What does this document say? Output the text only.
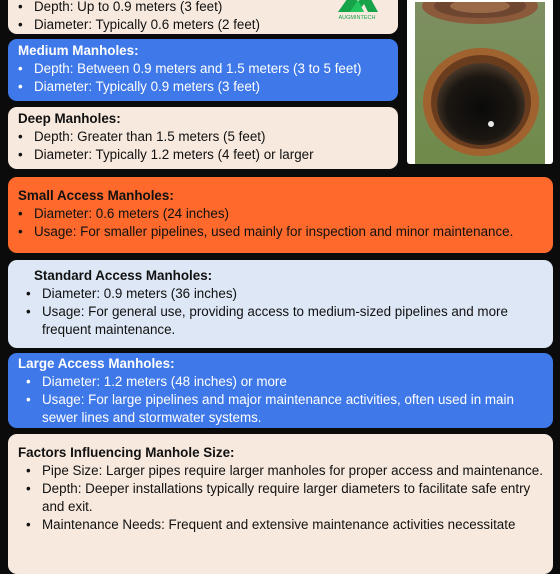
• Depth: Up to 0.9 meters (3 feet)
• Diameter: Typically 0.6 meters (2 feet)	AUGMINTECH
Medium Manholes:
• Depth: Between 0.9 meters and 1.5 meters (3 to 5 feet)
• Diameter: Typically 0.9 meters (3 feet)
Deep Manholes:
• Depth: Greater than 1.5 meters (5 feet)
• Diameter: Typically 1.2 meters (4 feet) or larger
Small Access Manholes:
• Diameter: 0.6 meters (24 inches)
• Usage: For smaller pipelines, used mainly for inspection and minor maintenance.
Standard Access Manholes:
• Diameter: 0.9 meters (36 inches)
• Usage: For general use, providing access to medium-sized pipelines and more frequent maintenance.
Large Access Manholes:
• Diameter: 1.2 meters (48 inches) or more
• Usage: For large pipelines and major maintenance activities, often used in main sewer lines and stormwater systems.
Factors Influencing Manhole Size:
• Pipe Size: Larger pipes require larger manholes for proper access and maintenance.
• Depth: Deeper installations typically require larger diameters to facilitate safe entry and exit.
• Maintenance Needs: Frequent and extensive maintenance activities necessitate
